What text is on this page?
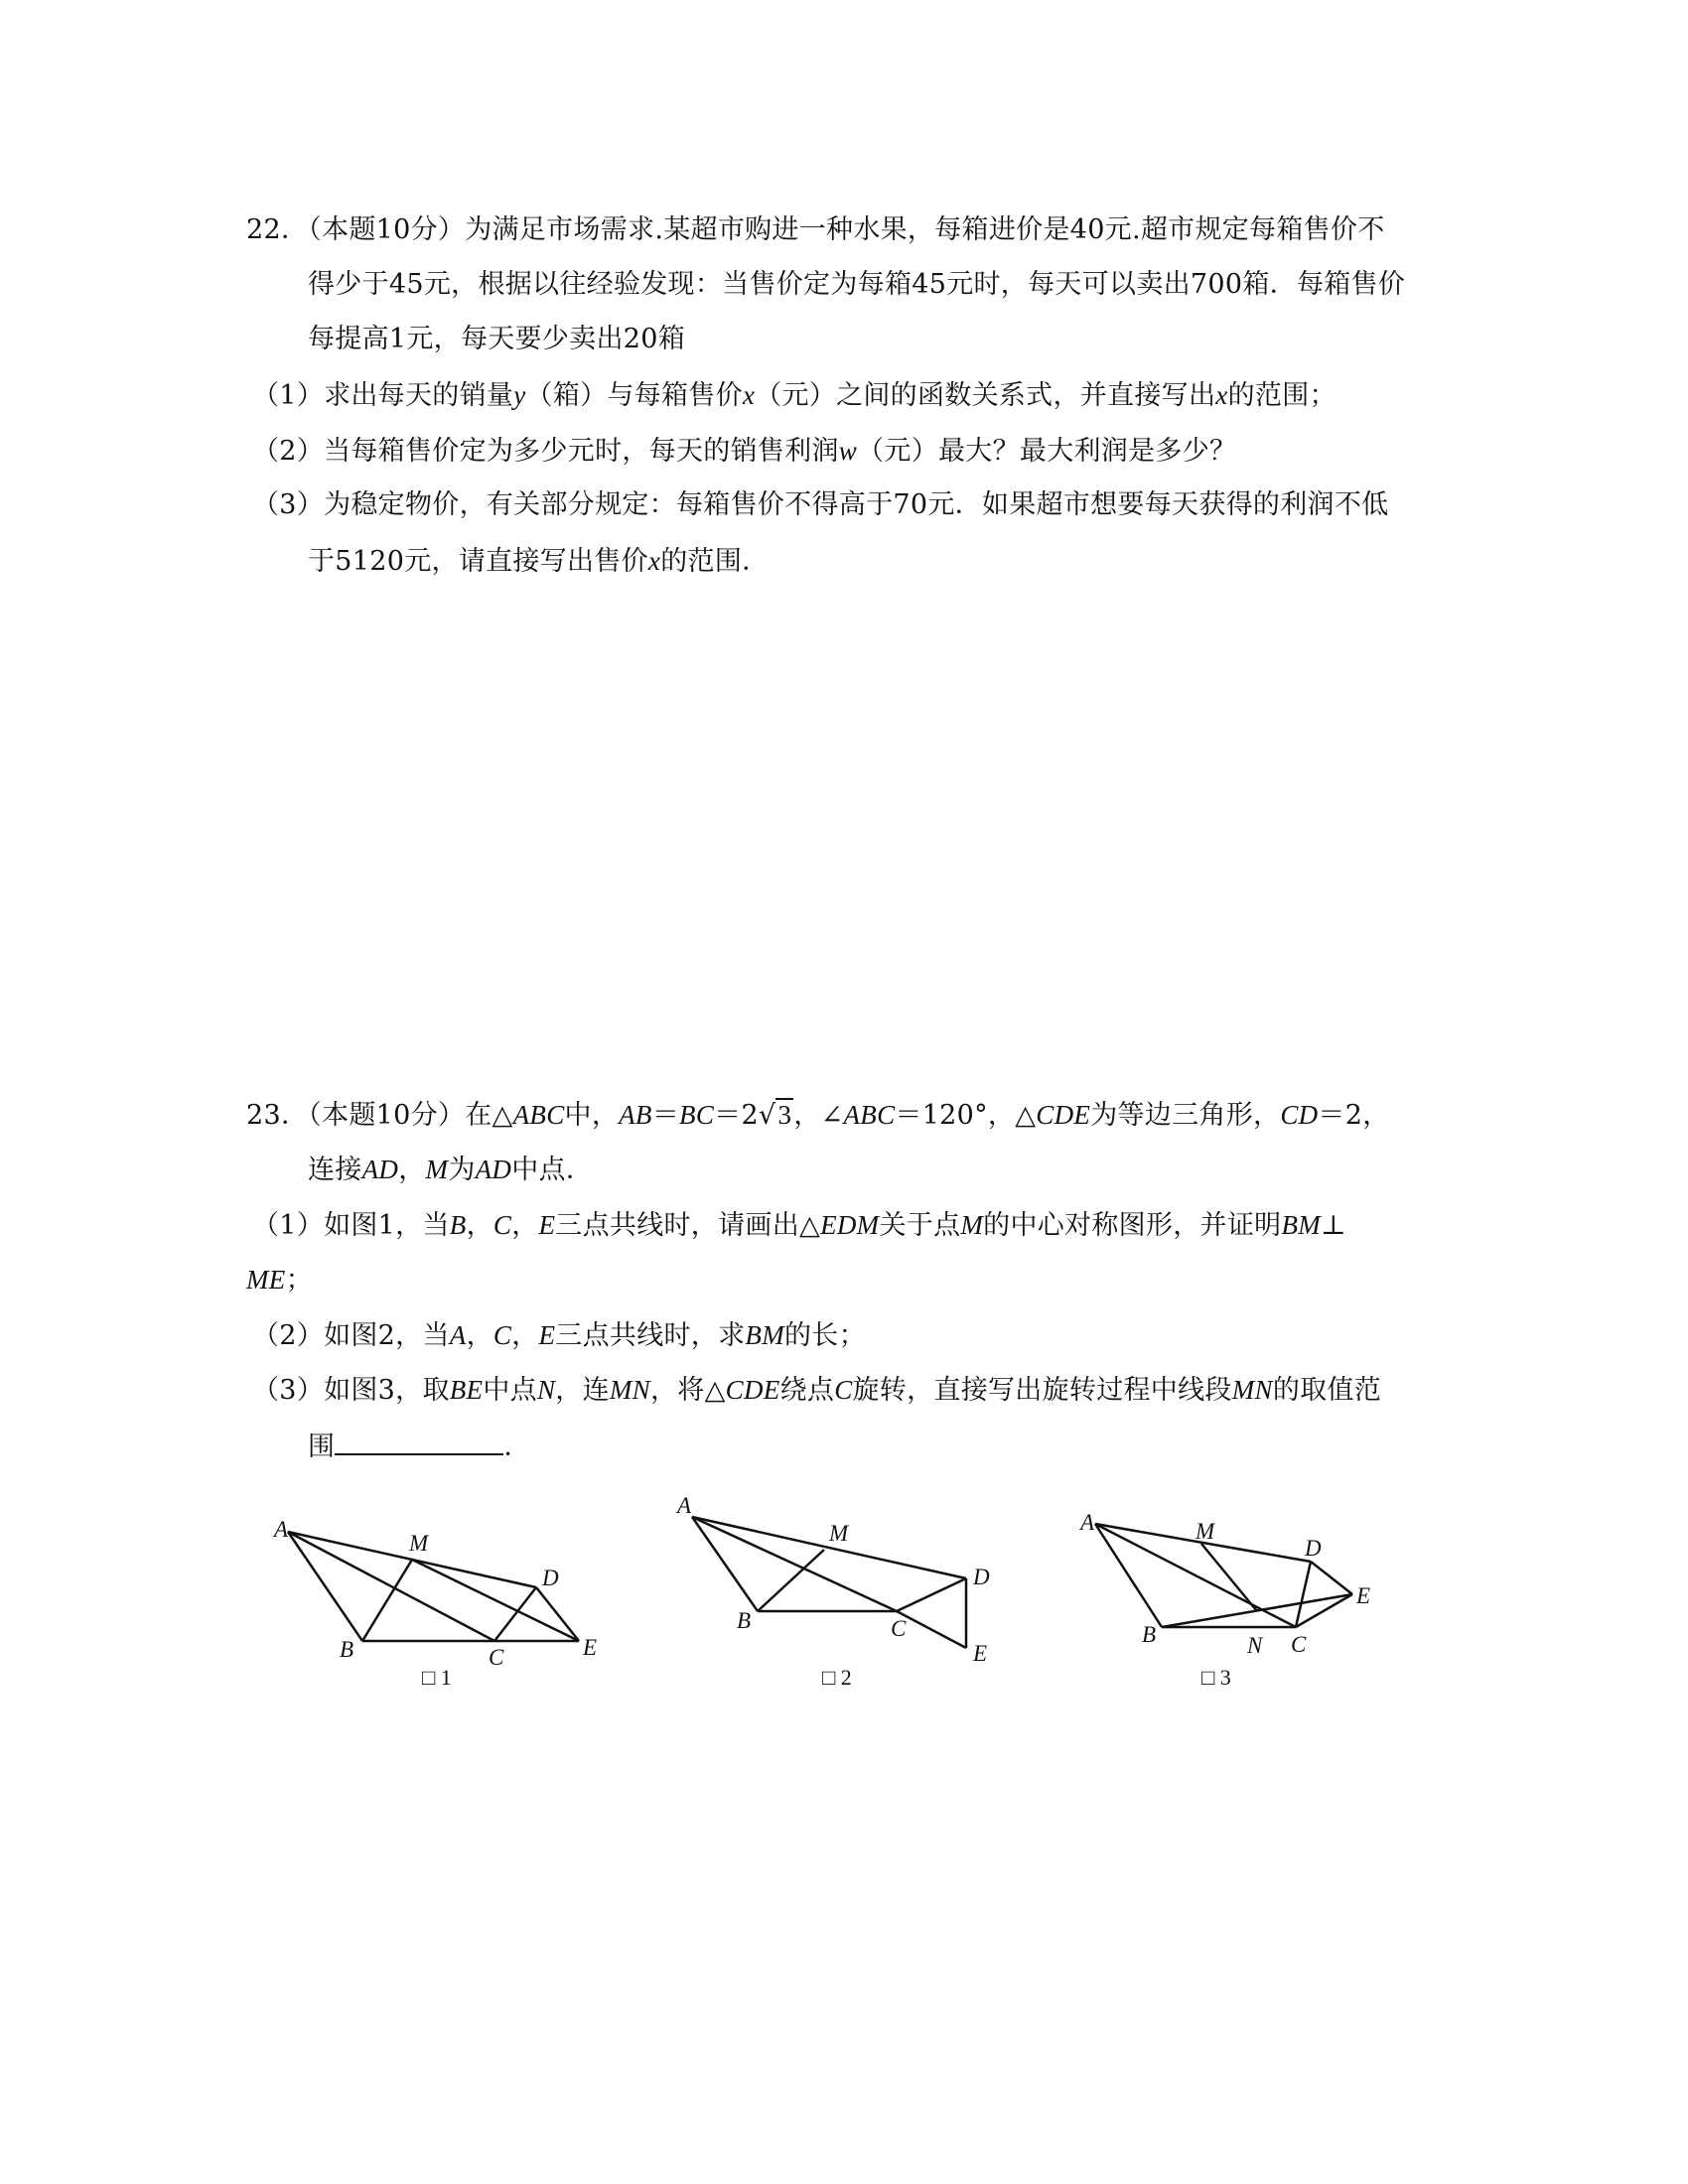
22．（本题10分）为满足市场需求.某超市购进一种水果，每箱进价是40元.超市规定每箱售价不
得少于45元，根据以往经验发现：当售价定为每箱45元时，每天可以卖出700箱．每箱售价
每提高1元，每天要少卖出20箱
（1）求出每天的销量y（箱）与每箱售价x（元）之间的函数关系式，并直接写出x的范围；
（2）当每箱售价定为多少元时，每天的销售利润w（元）最大？最大利润是多少？
（3）为稳定物价，有关部分规定：每箱售价不得高于70元．如果超市想要每天获得的利润不低
于5120元，请直接写出售价x的范围．
23．（本题10分）在△ABC中，AB＝BC＝2√3，∠ABC＝120°，△CDE为等边三角形，CD＝2，
连接AD，M为AD中点．
（1）如图1，当B，C，E三点共线时，请画出△EDM关于点M的中心对称图形，并证明BM⊥
ME；
（2）如图2，当A，C，E三点共线时，求BM的长；
（3）如图3，取BE中点N，连MN，将△CDE绕点C旋转，直接写出旋转过程中线段MN的取值范
围	．
A
M
D
B	C	E
□ 1
A
M
D
B	C
E
□ 2
A	M
D
E
B	N C
□ 3
